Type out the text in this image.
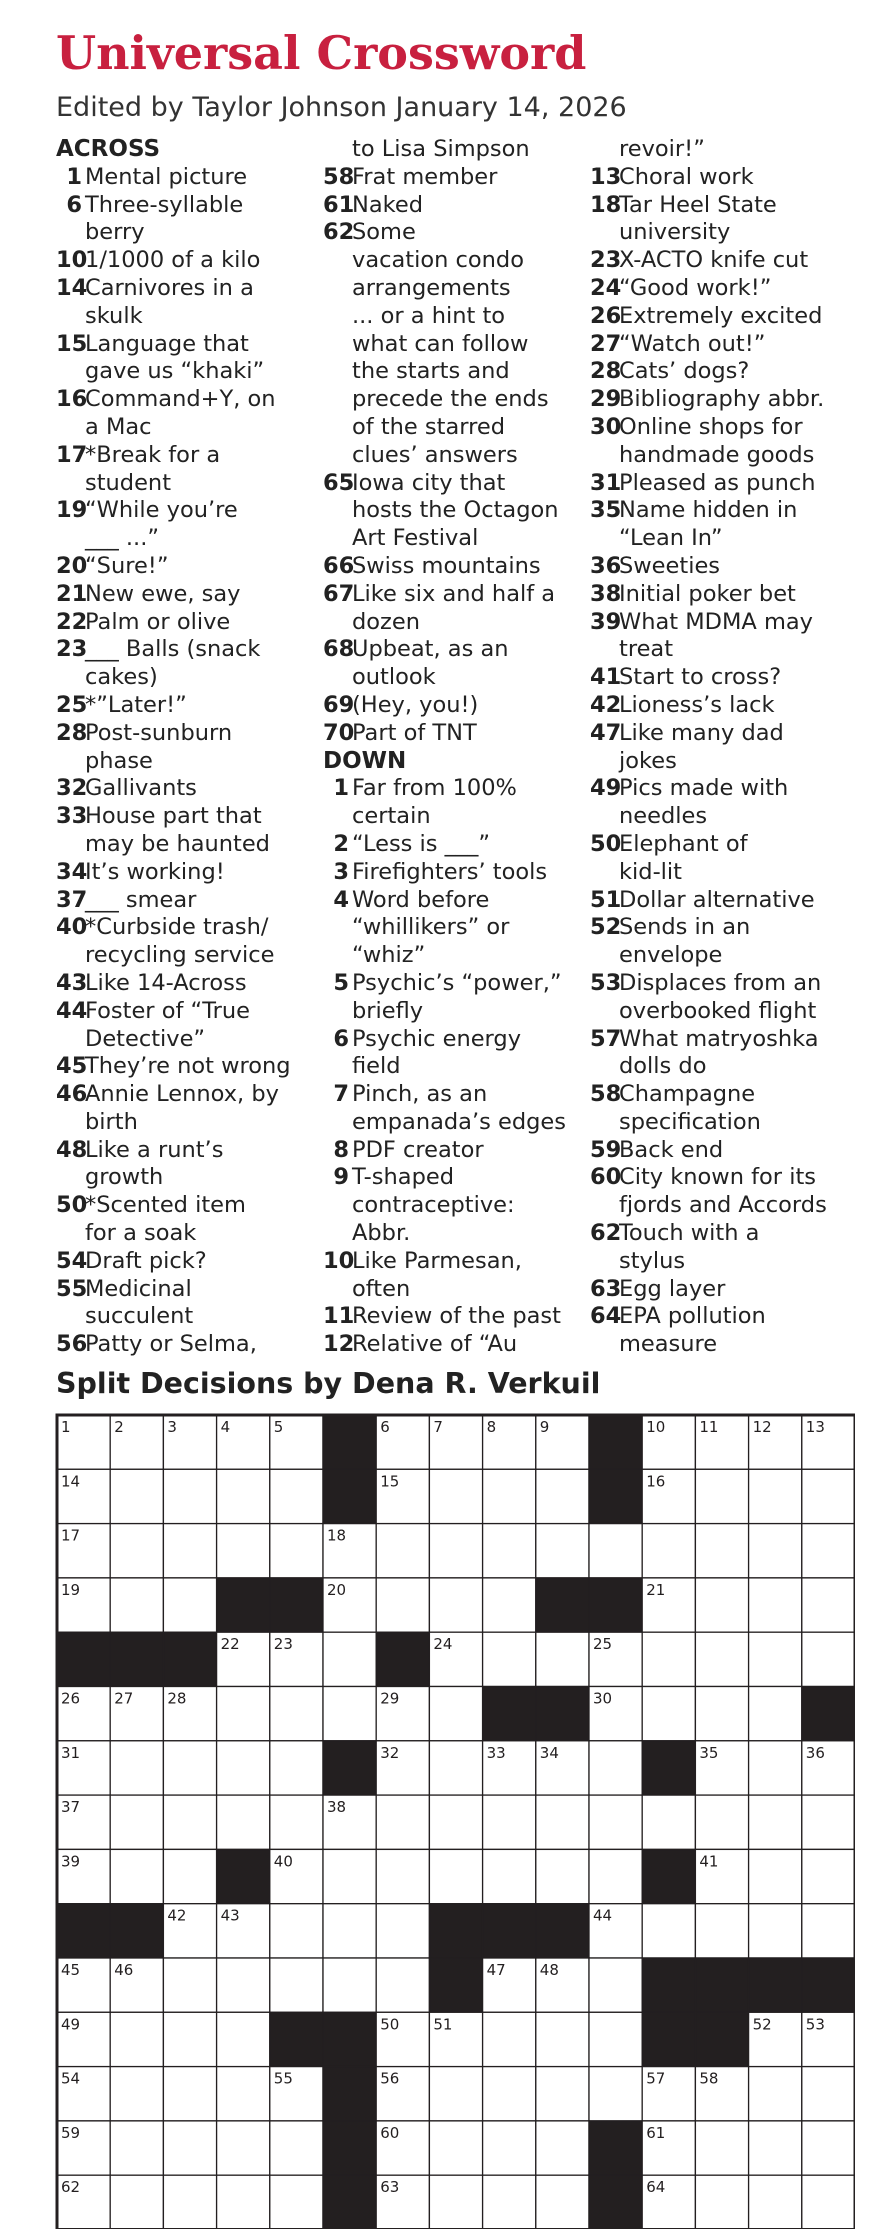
Universal Crossword
Edited by Taylor Johnson January 14, 2026
ACROSS
1 Mental picture
6 Three-syllable
berry
10
1/1000 of a kilo
14
Carnivores in a
skulk
15
Language that
gave us “khaki”
16
Command+Y, on
a Mac
17
*Break for a
student
19
“While you’re
___ ...”
20
“Sure!”
21
New ewe, say
22
Palm or olive
23
___ Balls (snack
cakes)
25
*”Later!”
28
Post-sunburn
phase
32
Gallivants
33
House part that
may be haunted
34
It’s working!
37
___ smear
40
*Curbside trash/
recycling service
43
Like 14-Across
44
Foster of “True
Detective”
45
They’re not wrong
46
Annie Lennox, by
birth
48
Like a runt’s
growth
50
*Scented item
for a soak
54
Draft pick?
55
Medicinal
succulent
56
Patty or Selma,
to Lisa Simpson
58
Frat member
61
Naked
62
Some
vacation condo
arrangements
... or a hint to
what can follow
the starts and
precede the ends
of the starred
clues’ answers
65
Iowa city that
hosts the Octagon
Art Festival
66
Swiss mountains
67
Like six and half a
dozen
68
Upbeat, as an
outlook
69
(Hey, you!)
70
Part of TNT
DOWN
1 Far from 100%
certain
2 “Less is ___”
3 Firefighters’ tools
4 Word before
“whillikers” or
“whiz”
5 Psychic’s “power,”
briefly
6 Psychic energy
field
7 Pinch, as an
empanada’s edges
8 PDF creator
9 T-shaped
contraceptive:
Abbr.
10
Like Parmesan,
often
11
Review of the past
12
Relative of “Au
revoir!”
13
Choral work
18
Tar Heel State
university
23
X-ACTO knife cut
24
“Good work!”
26
Extremely excited
27
“Watch out!”
28
Cats’ dogs?
29
Bibliography abbr.
30
Online shops for
handmade goods
31
Pleased as punch
35
Name hidden in
“Lean In”
36
Sweeties
38
Initial poker bet
39
What MDMA may
treat
41
Start to cross?
42
Lioness’s lack
47
Like many dad
jokes
49
Pics made with
needles
50
Elephant of
kid-lit
51
Dollar alternative
52
Sends in an
envelope
53
Displaces from an
overbooked flight
57
What matryoshka
dolls do
58
Champagne
specification
59
Back end
60
City known for its
fjords and Accords
62
Touch with a
stylus
63
Egg layer
64
EPA pollution
measure
Split Decisions by Dena R. Verkuil
1	2	3	4	5	6	7	8	9	10 11 12 13
14	15	16
17	18
19	20	21
22 23	24	25
26 27 28	29	30
31	32	33 34	35	36
37	38
39	40	41
42 43	44
45 46	47 48
49	50 51	52 53
54	55	56	57 58
59	60	61
62	63	64
